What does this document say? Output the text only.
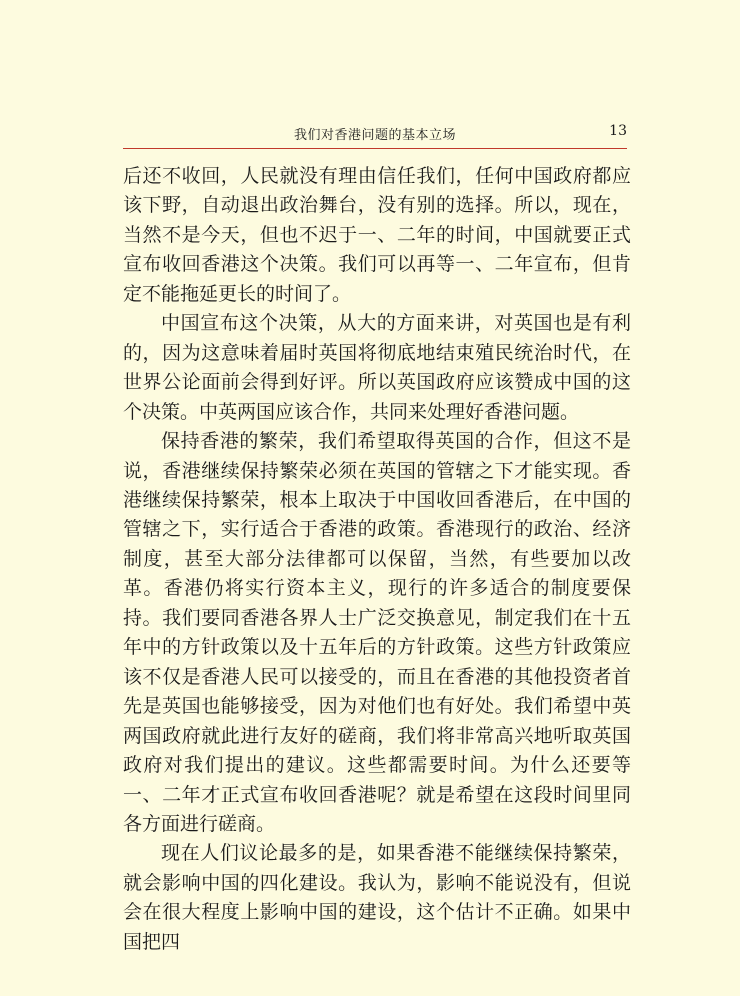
我们对香港问题的基本立场	13

后还不收回，人民就没有理由信任我们，任何中国政府都应该下野，自动退出政治舞台，没有别的选择。所以，现在，当然不是今天，但也不迟于一、二年的时间，中国就要正式宣布收回香港这个决策。我们可以再等一、二年宣布，但肯定不能拖延更长的时间了。

中国宣布这个决策，从大的方面来讲，对英国也是有利的，因为这意味着届时英国将彻底地结束殖民统治时代，在世界公论面前会得到好评。所以英国政府应该赞成中国的这个决策。中英两国应该合作，共同来处理好香港问题。

保持香港的繁荣，我们希望取得英国的合作，但这不是说，香港继续保持繁荣必须在英国的管辖之下才能实现。香港继续保持繁荣，根本上取决于中国收回香港后，在中国的管辖之下，实行适合于香港的政策。香港现行的政治、经济制度，甚至大部分法律都可以保留，当然，有些要加以改革。香港仍将实行资本主义，现行的许多适合的制度要保持。我们要同香港各界人士广泛交换意见，制定我们在十五年中的方针政策以及十五年后的方针政策。这些方针政策应该不仅是香港人民可以接受的，而且在香港的其他投资者首先是英国也能够接受，因为对他们也有好处。我们希望中英两国政府就此进行友好的磋商，我们将非常高兴地听取英国政府对我们提出的建议。这些都需要时间。为什么还要等一、二年才正式宣布收回香港呢？就是希望在这段时间里同各方面进行磋商。

现在人们议论最多的是，如果香港不能继续保持繁荣，就会影响中国的四化建设。我认为，影响不能说没有，但说会在很大程度上影响中国的建设，这个估计不正确。如果中国把四
